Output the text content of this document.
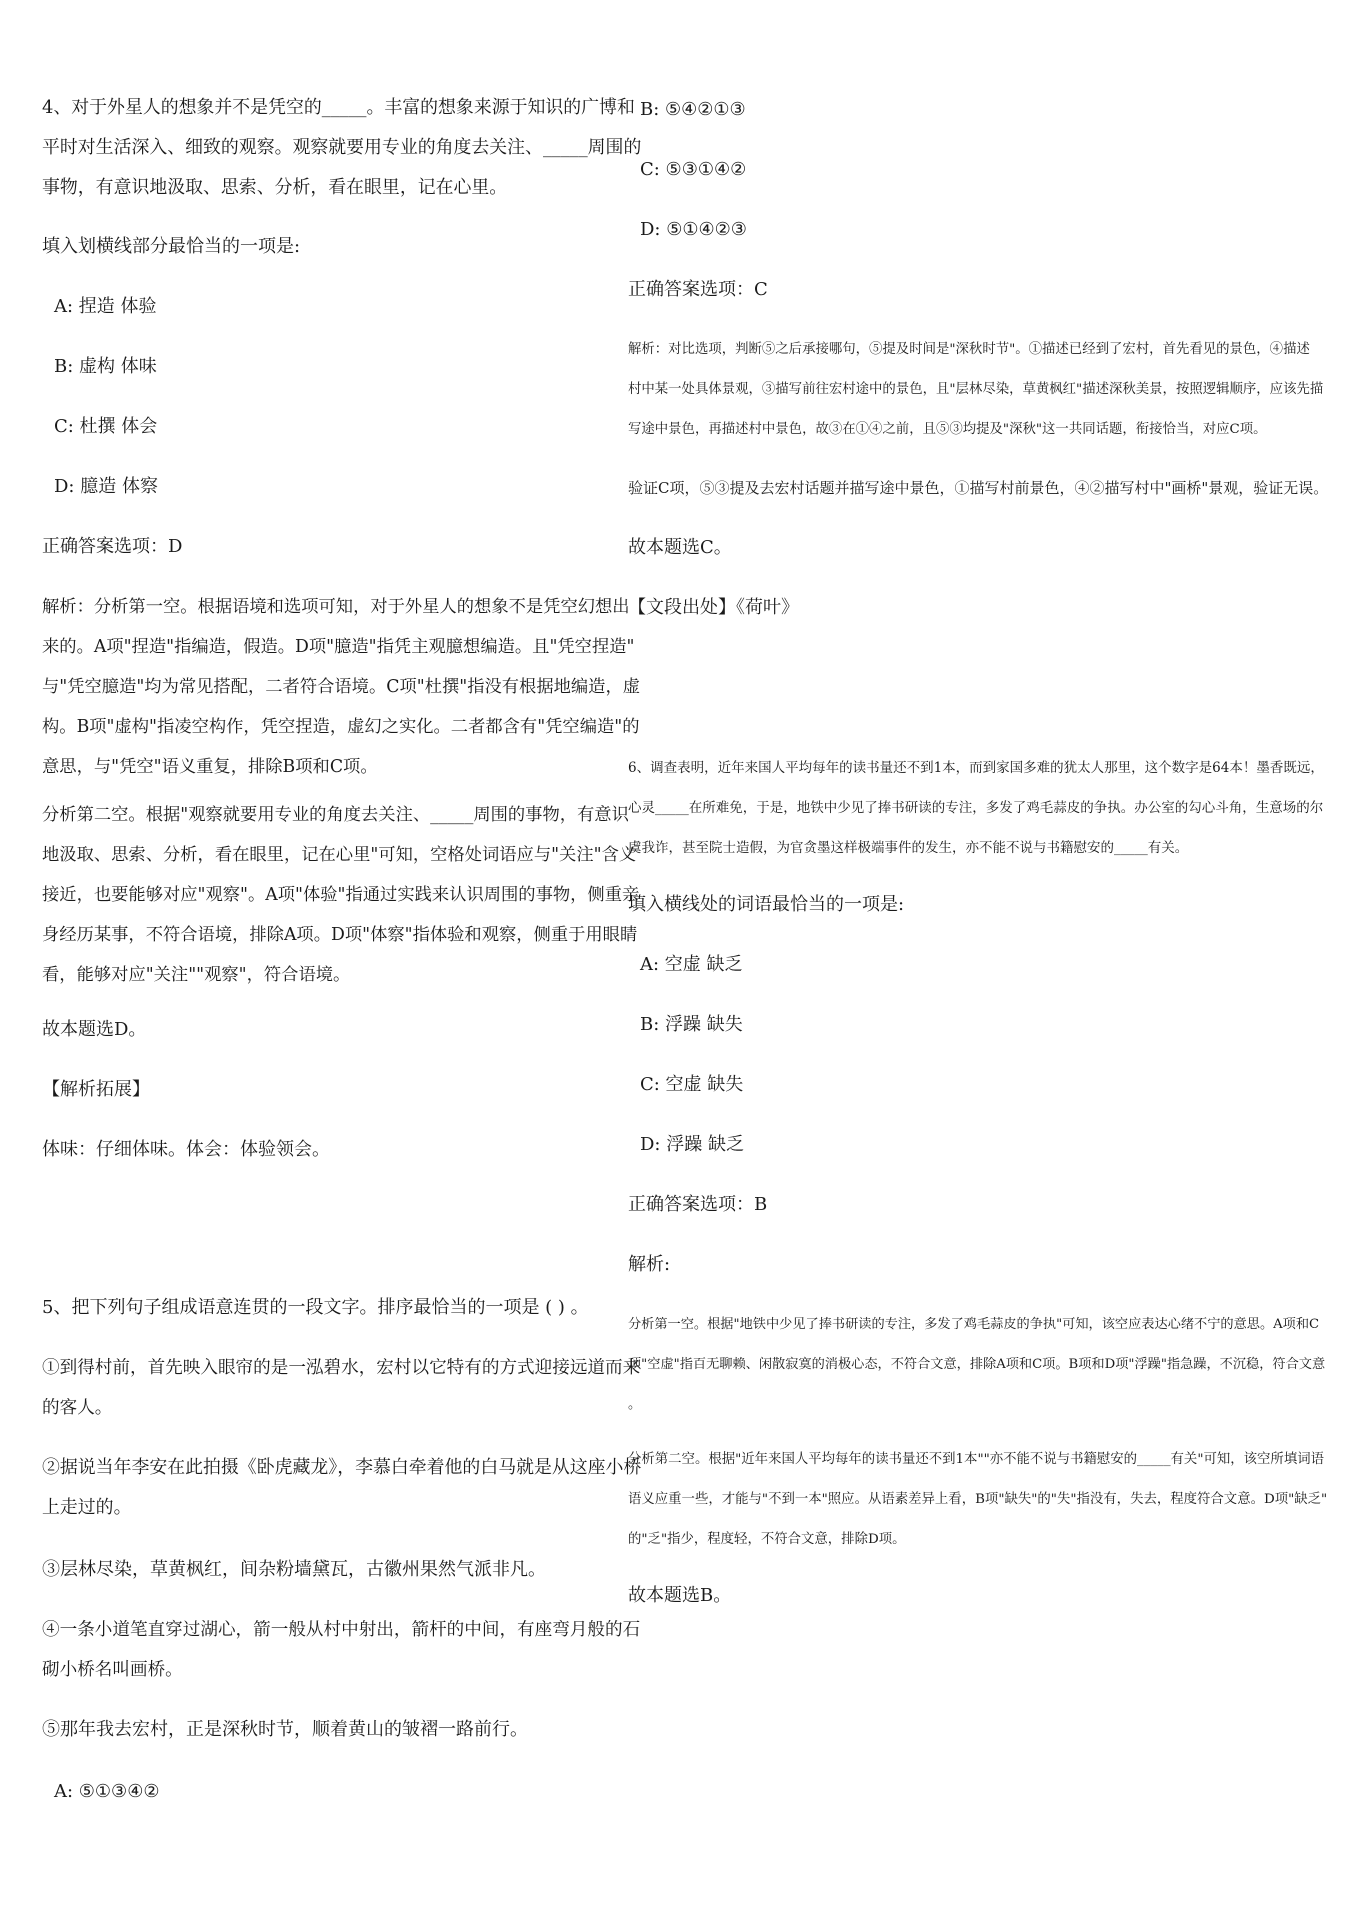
4、对于外星人的想象并不是凭空的_____。丰富的想象来源于知识的广博和
平时对生活深入、细致的观察。观察就要用专业的角度去关注、_____周围的
事物，有意识地汲取、思索、分析，看在眼里，记在心里。
填入划横线部分最恰当的一项是:
A: 捏造 体验
B: 虚构 体味
C: 杜撰 体会
D: 臆造 体察
正确答案选项：D
解析：分析第一空。根据语境和选项可知，对于外星人的想象不是凭空幻想出
来的。A项"捏造"指编造，假造。D项"臆造"指凭主观臆想编造。且"凭空捏造"
与"凭空臆造"均为常见搭配，二者符合语境。C项"杜撰"指没有根据地编造，虚
构。B项"虚构"指凌空构作，凭空捏造，虚幻之实化。二者都含有"凭空编造"的
意思，与"凭空"语义重复，排除B项和C项。
分析第二空。根据"观察就要用专业的角度去关注、_____周围的事物，有意识
地汲取、思索、分析，看在眼里，记在心里"可知，空格处词语应与"关注"含义
接近，也要能够对应"观察"。A项"体验"指通过实践来认识周围的事物，侧重亲
身经历某事，不符合语境，排除A项。D项"体察"指体验和观察，侧重于用眼睛
看，能够对应"关注""观察"，符合语境。
故本题选D。
【解析拓展】
体味：仔细体味。体会：体验领会。
5、把下列句子组成语意连贯的一段文字。排序最恰当的一项是 ( ) 。
①到得村前，首先映入眼帘的是一泓碧水，宏村以它特有的方式迎接远道而来
的客人。
②据说当年李安在此拍摄《卧虎藏龙》，李慕白牵着他的白马就是从这座小桥
上走过的。
③层林尽染，草黄枫红，间杂粉墙黛瓦，古徽州果然气派非凡。
④一条小道笔直穿过湖心，箭一般从村中射出，箭杆的中间，有座弯月般的石
砌小桥名叫画桥。
⑤那年我去宏村，正是深秋时节，顺着黄山的皱褶一路前行。
A: ⑤①③④②
B: ⑤④②①③
C: ⑤③①④②
D: ⑤①④②③
正确答案选项：C
解析：对比选项，判断⑤之后承接哪句，⑤提及时间是"深秋时节"。①描述已经到了宏村，首先看见的景色，④描述
村中某一处具体景观，③描写前往宏村途中的景色，且"层林尽染，草黄枫红"描述深秋美景，按照逻辑顺序，应该先描
写途中景色，再描述村中景色，故③在①④之前，且⑤③均提及"深秋"这一共同话题，衔接恰当，对应C项。
验证C项，⑤③提及去宏村话题并描写途中景色，①描写村前景色，④②描写村中"画桥"景观，验证无误。
故本题选C。
【文段出处】《荷叶》
6、调查表明，近年来国人平均每年的读书量还不到1本，而到家国多难的犹太人那里，这个数字是64本！墨香既远，
心灵_____在所难免，于是，地铁中少见了捧书研读的专注，多发了鸡毛蒜皮的争执。办公室的勾心斗角，生意场的尔
虞我诈，甚至院士造假，为官贪墨这样极端事件的发生，亦不能不说与书籍慰安的_____有关。
填入横线处的词语最恰当的一项是:
A: 空虚 缺乏
B: 浮躁 缺失
C: 空虚 缺失
D: 浮躁 缺乏
正确答案选项：B
解析:
分析第一空。根据"地铁中少见了捧书研读的专注，多发了鸡毛蒜皮的争执"可知，该空应表达心绪不宁的意思。A项和C
项"空虚"指百无聊赖、闲散寂寞的消极心态，不符合文意，排除A项和C项。B项和D项"浮躁"指急躁，不沉稳，符合文意
。
分析第二空。根据"近年来国人平均每年的读书量还不到1本""亦不能不说与书籍慰安的_____有关"可知，该空所填词语
语义应重一些，才能与"不到一本"照应。从语素差异上看，B项"缺失"的"失"指没有，失去，程度符合文意。D项"缺乏"
的"乏"指少，程度轻，不符合文意，排除D项。
故本题选B。
